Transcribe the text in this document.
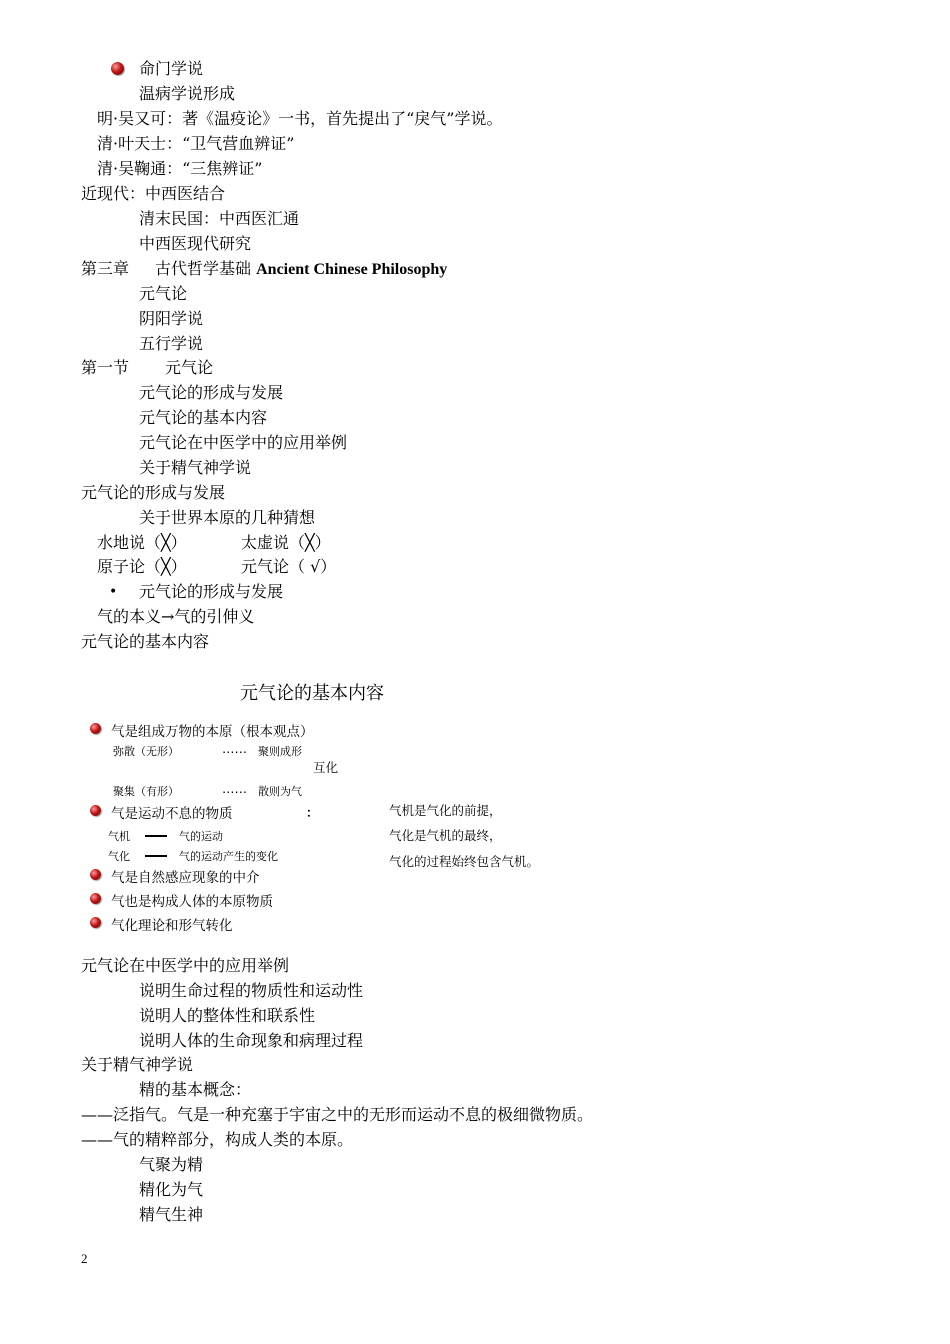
命门学说
温病学说形成
明·吴又可：著《温疫论》一书，首先提出了“戾气”学说。
清·叶天士：“卫气营血辨证”
清·吴鞠通：“三焦辨证”
近现代：中西医结合
清末民国：中西医汇通
中西医现代研究
第三章 古代哲学基础 Ancient Chinese Philosophy
元气论
阴阳学说
五行学说
第一节 元气论
元气论的形成与发展
元气论的基本内容
元气论在中医学中的应用举例
关于精气神学说
元气论的形成与发展
关于世界本原的几种猜想
水地说（╳）	太虚说（╳）
原子论（╳）	元气论（ √）
• 元气论的形成与发展
气的本义→气的引伸义
元气论的基本内容
元气论的基本内容
气是组成万物的本原（根本观点）
弥散（无形）	…… 聚则成形
互化
聚集（有形）	…… 散则为气
气是运动不息的物质	：	气机是气化的前提，
气化是气机的最终，
气化的过程始终包含气机。
气机	气的运动
气化	气的运动产生的变化
气是自然感应现象的中介
气也是构成人体的本原物质
气化理论和形气转化
元气论在中医学中的应用举例
说明生命过程的物质性和运动性
说明人的整体性和联系性
说明人体的生命现象和病理过程
关于精气神学说
精的基本概念：
——泛指气。气是一种充塞于宇宙之中的无形而运动不息的极细微物质。
——气的精粹部分，构成人类的本原。
气聚为精
精化为气
精气生神
2
